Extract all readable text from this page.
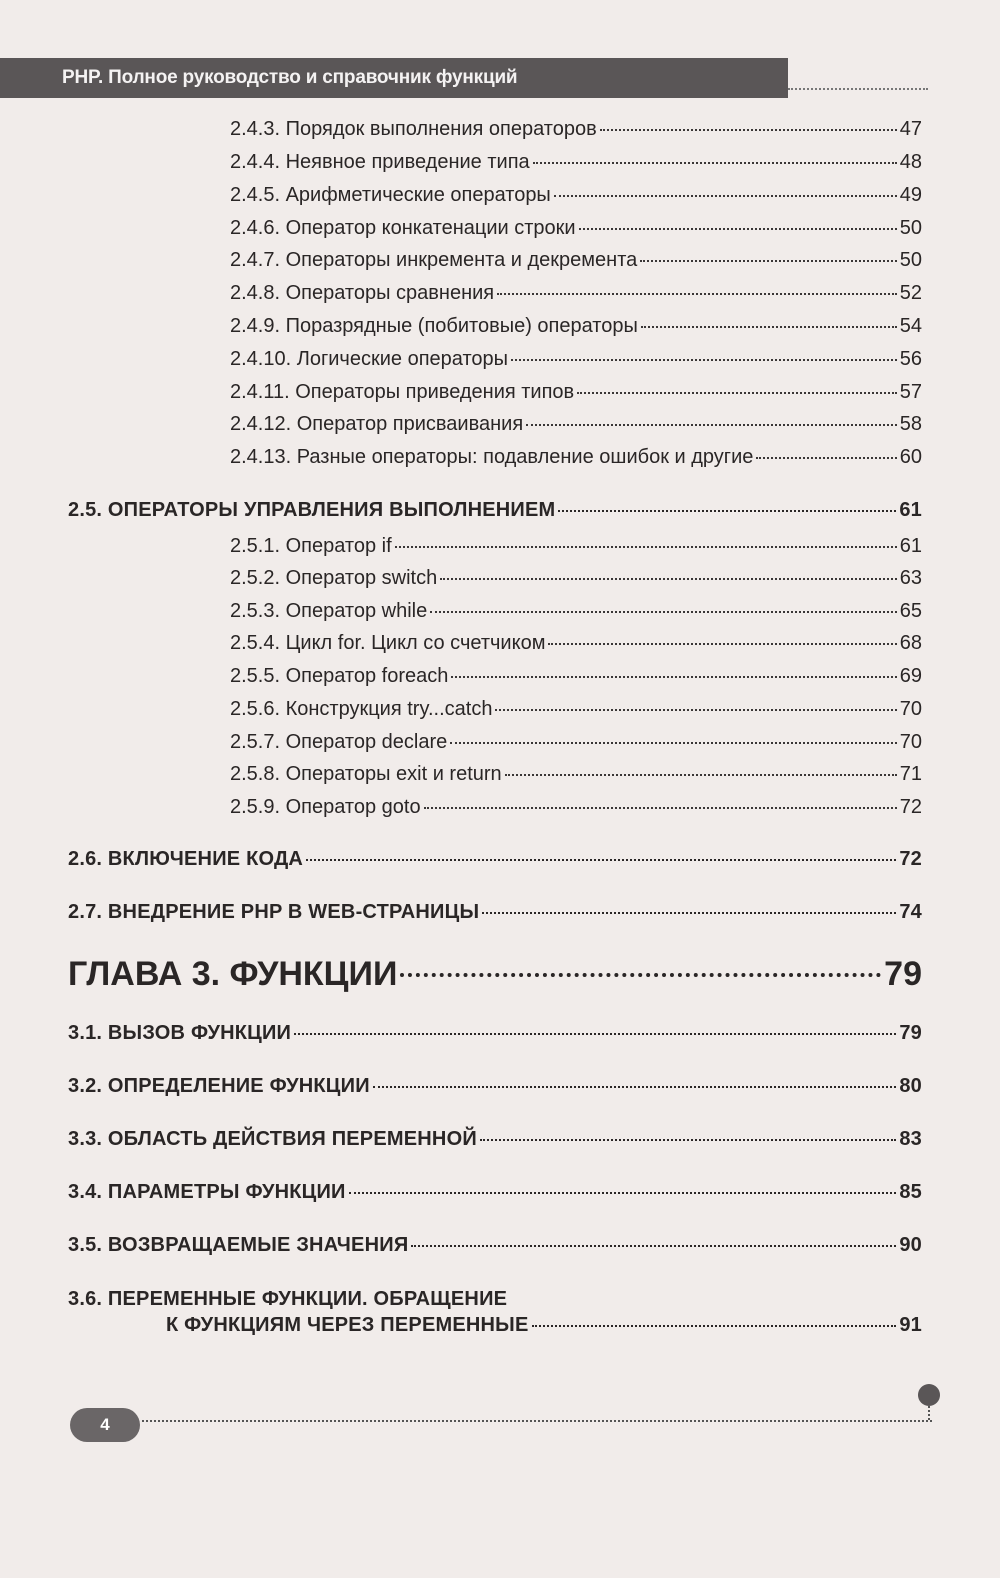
PHP. Полное руководство и справочник функций
2.4.3. Порядок выполнения операторов	47
2.4.4. Неявное приведение типа	48
2.4.5. Арифметические операторы	49
2.4.6. Оператор конкатенации строки	50
2.4.7. Операторы инкремента и декремента	50
2.4.8. Операторы сравнения	52
2.4.9. Поразрядные (побитовые) операторы	54
2.4.10. Логические операторы	56
2.4.11. Операторы приведения типов	57
2.4.12. Оператор присваивания	58
2.4.13. Разные операторы: подавление ошибок и другие	60
2.5. ОПЕРАТОРЫ УПРАВЛЕНИЯ ВЫПОЛНЕНИЕМ	61
2.5.1. Оператор if	61
2.5.2. Оператор switch	63
2.5.3. Оператор while	65
2.5.4. Цикл for. Цикл со счетчиком	68
2.5.5. Оператор foreach	69
2.5.6. Конструкция try...catch	70
2.5.7. Оператор declare	70
2.5.8. Операторы exit и return	71
2.5.9. Оператор goto	72
2.6. ВКЛЮЧЕНИЕ КОДА	72
2.7. ВНЕДРЕНИЕ PHP В WEB-СТРАНИЦЫ	74
ГЛАВА 3. ФУНКЦИИ	79
3.1. ВЫЗОВ ФУНКЦИИ	79
3.2. ОПРЕДЕЛЕНИЕ ФУНКЦИИ	80
3.3. ОБЛАСТЬ ДЕЙСТВИЯ ПЕРЕМЕННОЙ	83
3.4. ПАРАМЕТРЫ ФУНКЦИИ	85
3.5. ВОЗВРАЩАЕМЫЕ ЗНАЧЕНИЯ	90
3.6. ПЕРЕМЕННЫЕ ФУНКЦИИ. ОБРАЩЕНИЕ
К ФУНКЦИЯМ ЧЕРЕЗ ПЕРЕМЕННЫЕ	91
4
